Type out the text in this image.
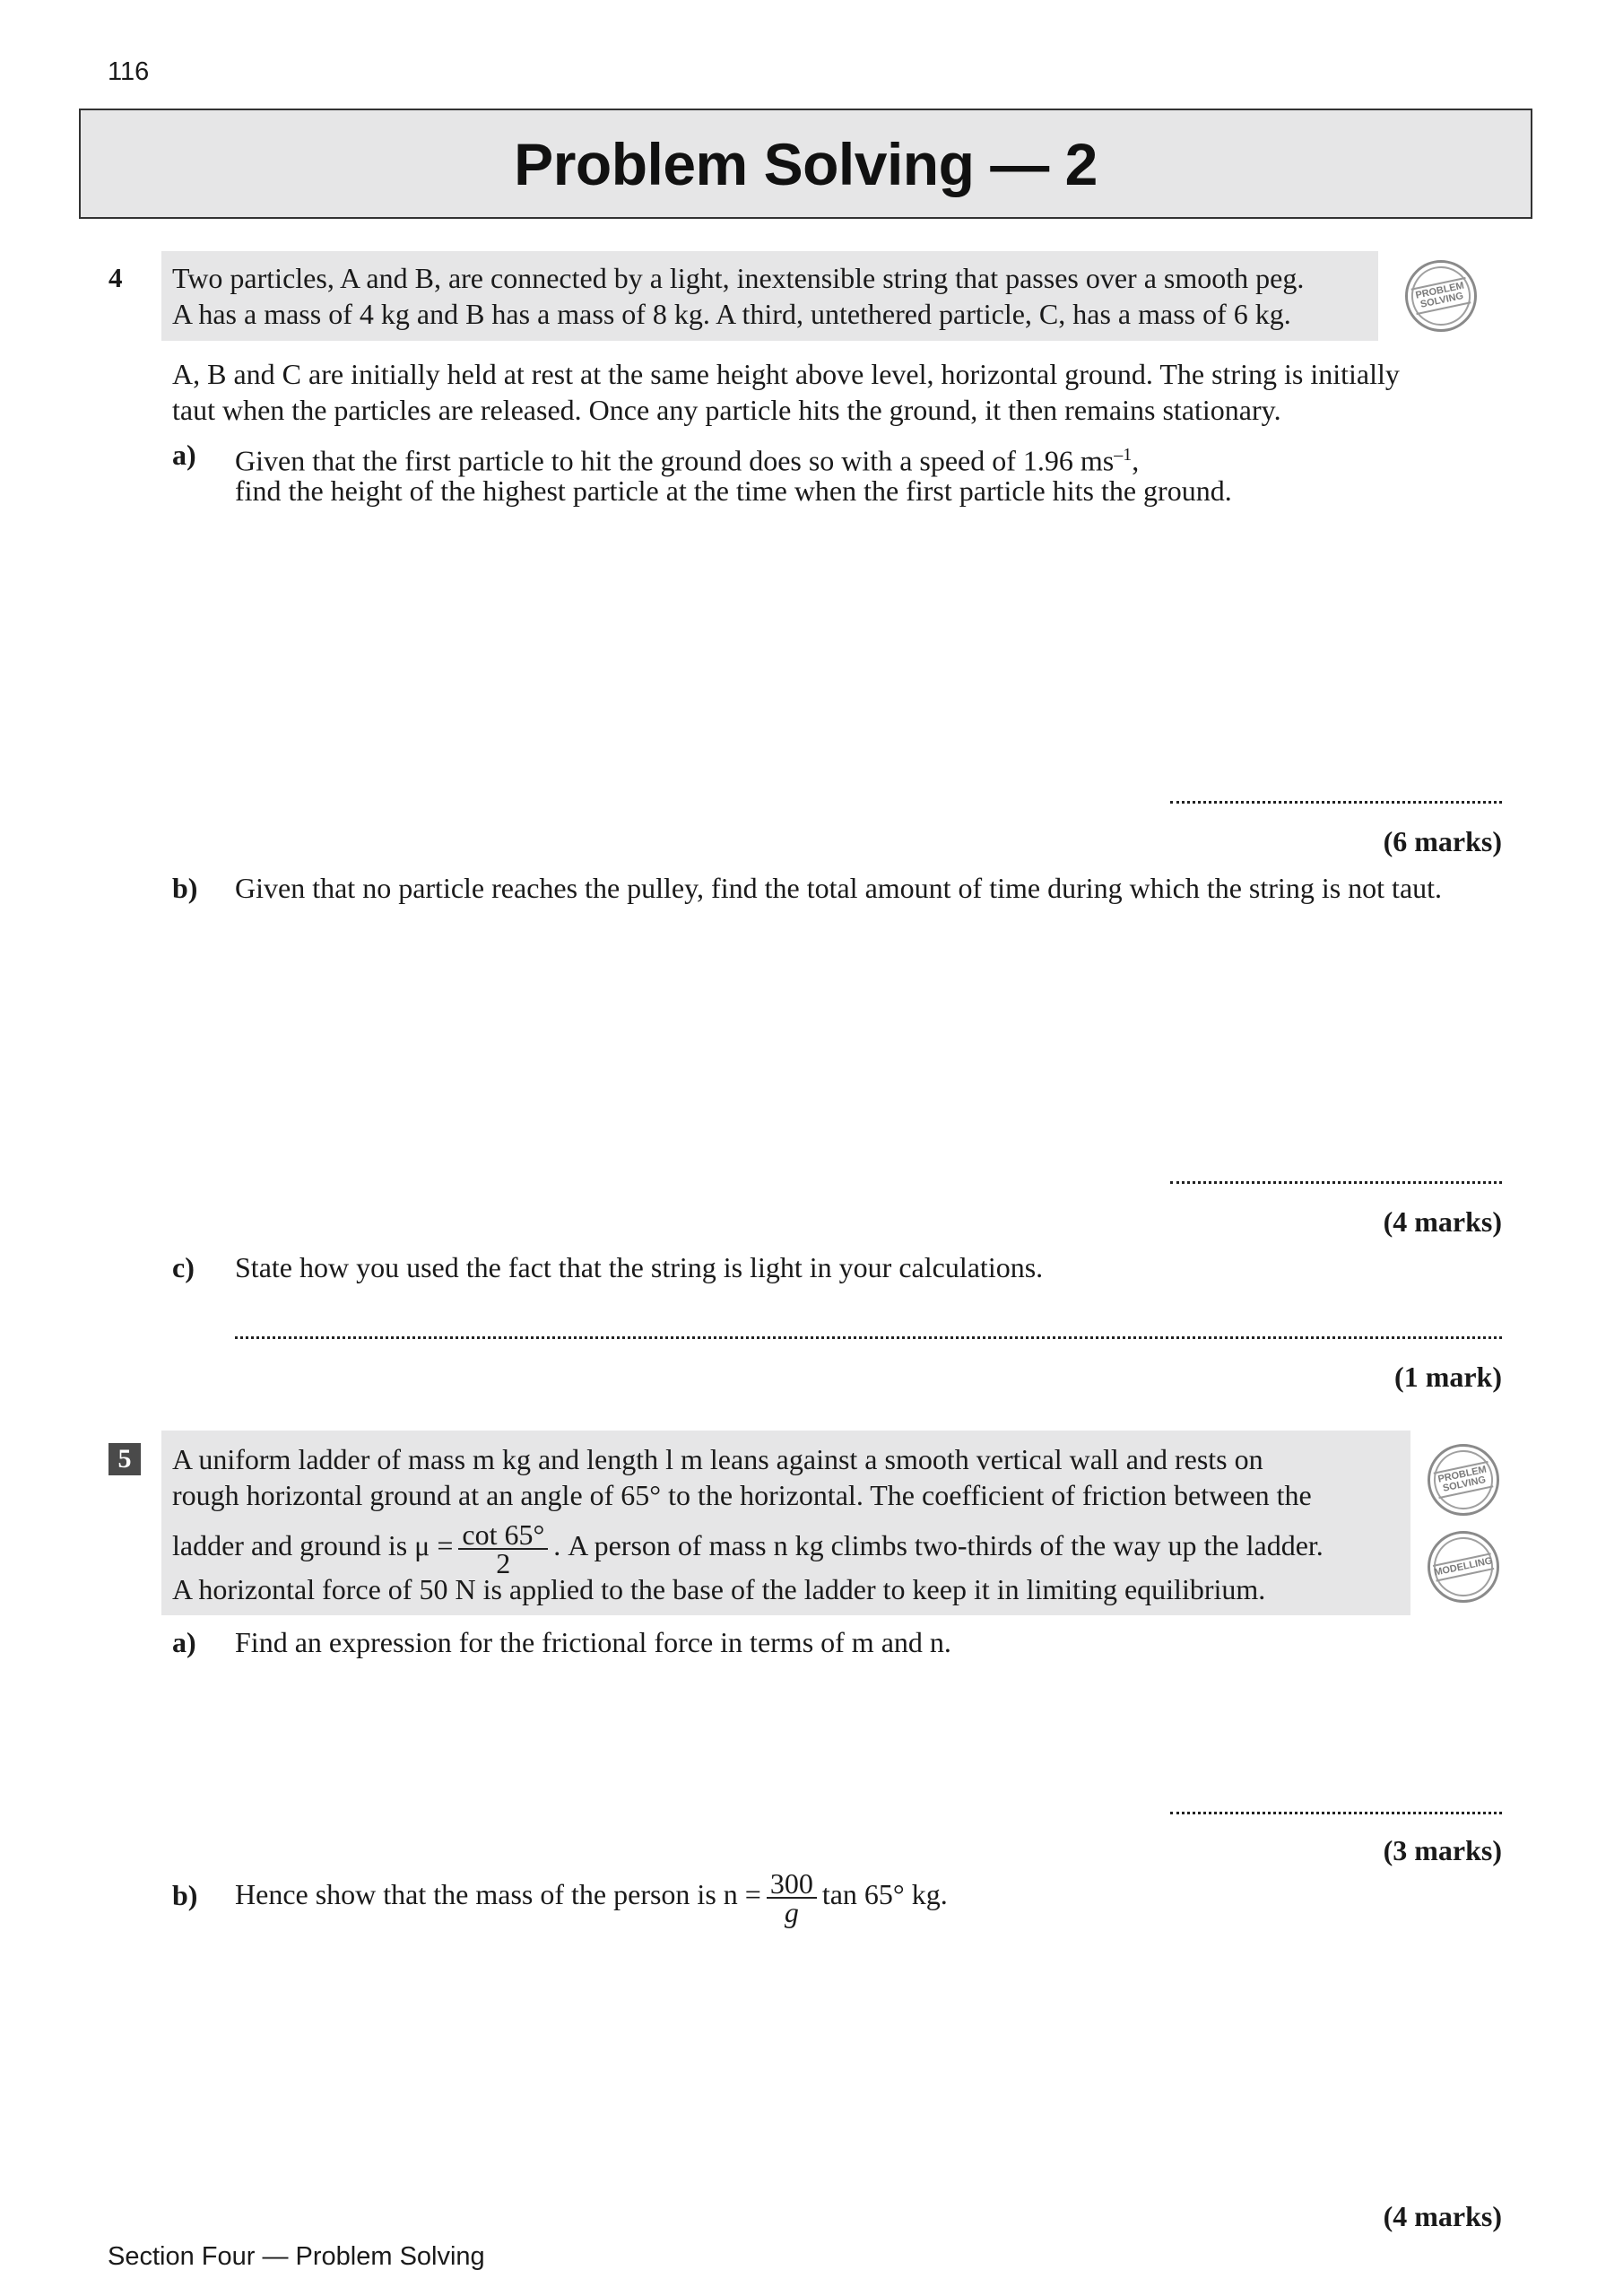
116
Problem Solving — 2
4 Two particles, A and B, are connected by a light, inextensible string that passes over a smooth peg.
A has a mass of 4 kg and B has a mass of 8 kg. A third, untethered particle, C, has a mass of 6 kg.
PROBLEM SOLVING
A, B and C are initially held at rest at the same height above level, horizontal ground. The string is initially
taut when the particles are released. Once any particle hits the ground, it then remains stationary.
a) Given that the first particle to hit the ground does so with a speed of 1.96 $ms^{-1}$,
find the height of the highest particle at the time when the first particle hits the ground.
(6 marks)
b) Given that no particle reaches the pulley, find the total amount of time during which the string is not taut.
(4 marks)
c) State how you used the fact that the string is light in your calculations.
(1 mark)
5	A uniform ladder of mass m kg and length l m leans against a smooth vertical wall and rests on
rough horizontal ground at an angle of 65° to the horizontal. The coefficient of friction between the
ladder and ground is $\mu = \frac{\cot 65^\circ}{2}$ . A person of mass n kg climbs two-thirds of the way up the ladder.
A horizontal force of 50 N is applied to the base of the ladder to keep it in limiting equilibrium.
PROBLEM SOLVING
MODELLING
a) Find an expression for the frictional force in terms of m and n.
(3 marks)
b) Hence show that the mass of the person is $n = \frac{300}{g}$ tan 65° kg.
(4 marks)
Section Four — Problem Solving
